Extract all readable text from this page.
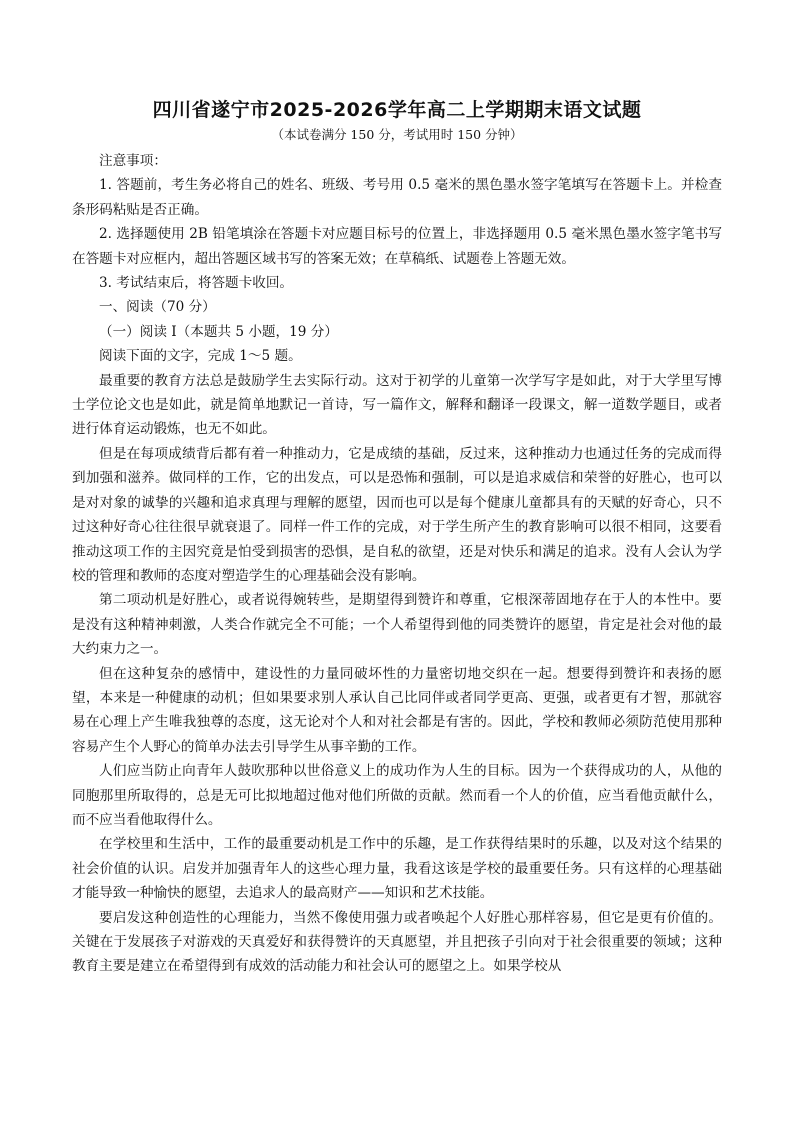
四川省遂宁市2025-2026学年高二上学期期末语文试题
（本试卷满分 150 分，考试用时 150 分钟）

注意事项：

1. 答题前，考生务必将自己的姓名、班级、考号用 0.5 毫米的黑色墨水签字笔填写在答题卡上。并检查条形码粘贴是否正确。

2. 选择题使用 2B 铅笔填涂在答题卡对应题目标号的位置上，非选择题用 0.5 毫米黑色墨水签字笔书写在答题卡对应框内，超出答题区域书写的答案无效；在草稿纸、试题卷上答题无效。

3. 考试结束后，将答题卡收回。

一、阅读（70 分）

（一）阅读 I（本题共 5 小题，19 分）

阅读下面的文字，完成 1～5 题。

最重要的教育方法总是鼓励学生去实际行动。这对于初学的儿童第一次学写字是如此，对于大学里写博士学位论文也是如此，就是简单地默记一首诗，写一篇作文，解释和翻译一段课文，解一道数学题目，或者进行体育运动锻炼，也无不如此。

但是在每项成绩背后都有着一种推动力，它是成绩的基础，反过来，这种推动力也通过任务的完成而得到加强和滋养。做同样的工作，它的出发点，可以是恐怖和强制，可以是追求威信和荣誉的好胜心，也可以是对对象的诚挚的兴趣和追求真理与理解的愿望，因而也可以是每个健康儿童都具有的天赋的好奇心，只不过这种好奇心往往很早就衰退了。同样一件工作的完成，对于学生所产生的教育影响可以很不相同，这要看推动这项工作的主因究竟是怕受到损害的恐惧，是自私的欲望，还是对快乐和满足的追求。没有人会认为学校的管理和教师的态度对塑造学生的心理基础会没有影响。

第二项动机是好胜心，或者说得婉转些，是期望得到赞许和尊重，它根深蒂固地存在于人的本性中。要是没有这种精神刺激，人类合作就完全不可能；一个人希望得到他的同类赞许的愿望，肯定是社会对他的最大约束力之一。

但在这种复杂的感情中，建设性的力量同破坏性的力量密切地交织在一起。想要得到赞许和表扬的愿望，本来是一种健康的动机；但如果要求别人承认自己比同伴或者同学更高、更强，或者更有才智，那就容易在心理上产生唯我独尊的态度，这无论对个人和对社会都是有害的。因此，学校和教师必须防范使用那种容易产生个人野心的简单办法去引导学生从事辛勤的工作。

人们应当防止向青年人鼓吹那种以世俗意义上的成功作为人生的目标。因为一个获得成功的人，从他的同胞那里所取得的，总是无可比拟地超过他对他们所做的贡献。然而看一个人的价值，应当看他贡献什么，而不应当看他取得什么。

在学校里和生活中，工作的最重要动机是工作中的乐趣，是工作获得结果时的乐趣，以及对这个结果的社会价值的认识。启发并加强青年人的这些心理力量，我看这该是学校的最重要任务。只有这样的心理基础才能导致一种愉快的愿望，去追求人的最高财产——知识和艺术技能。

要启发这种创造性的心理能力，当然不像使用强力或者唤起个人好胜心那样容易，但它是更有价值的。关键在于发展孩子对游戏的天真爱好和获得赞许的天真愿望，并且把孩子引向对于社会很重要的领域；这种教育主要是建立在希望得到有成效的活动能力和社会认可的愿望之上。如果学校从
